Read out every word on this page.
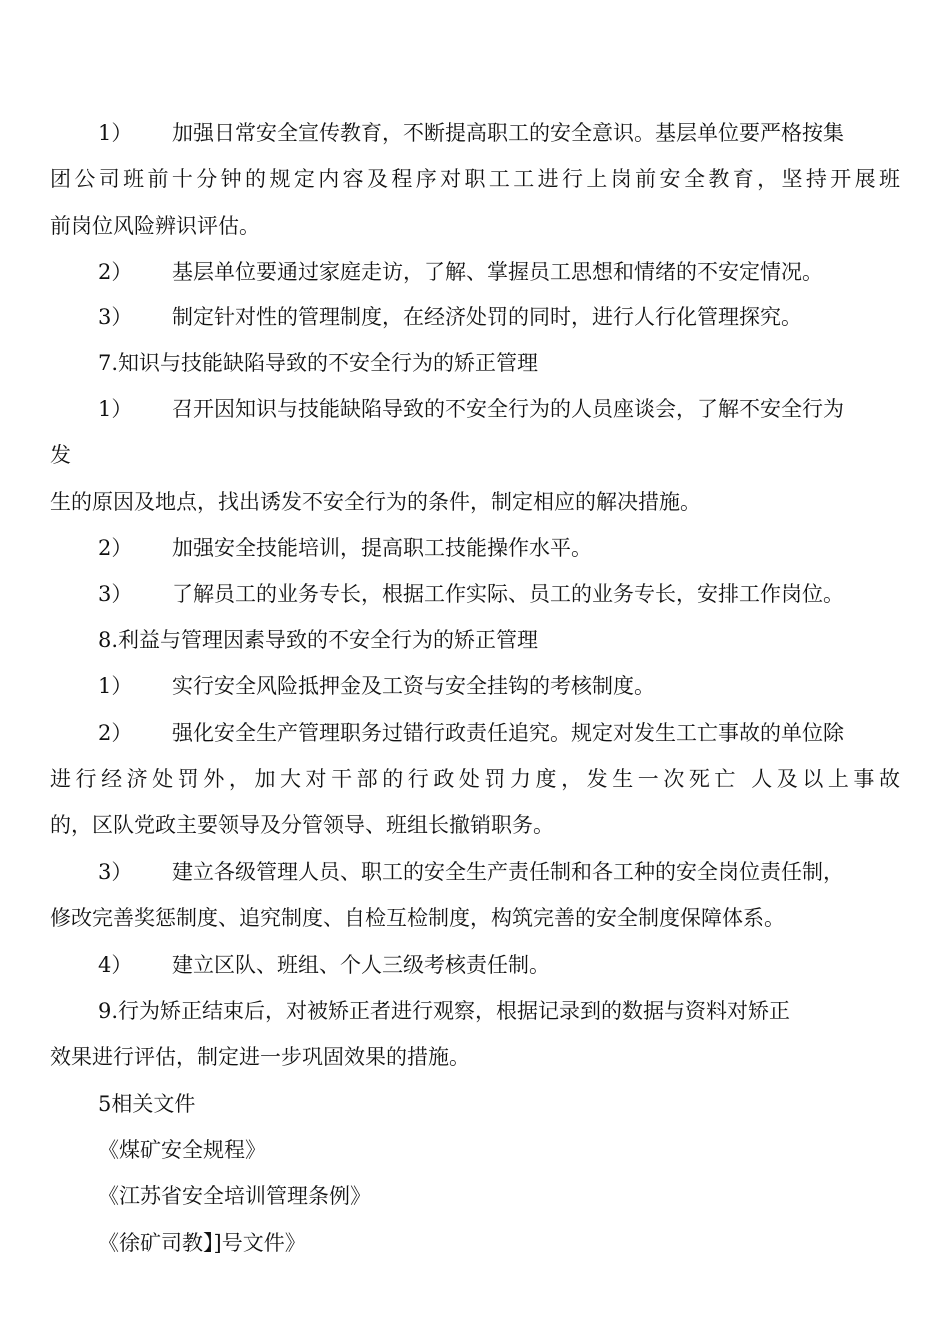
1） 加强日常安全宣传教育，不断提高职工的安全意识。基层单位要严格按集
团公司班前十分钟的规定内容及程序对职工工进行上岗前安全教育，坚持开展班
前岗位风险辨识评估。
2） 基层单位要通过家庭走访，了解、掌握员工思想和情绪的不安定情况。
3） 制定针对性的管理制度，在经济处罚的同时，进行人行化管理探究。
7.知识与技能缺陷导致的不安全行为的矫正管理
1） 召开因知识与技能缺陷导致的不安全行为的人员座谈会，了解不安全行为
发
生的原因及地点，找出诱发不安全行为的条件，制定相应的解决措施。
2） 加强安全技能培训，提高职工技能操作水平。
3） 了解员工的业务专长，根据工作实际、员工的业务专长，安排工作岗位。
8.利益与管理因素导致的不安全行为的矫正管理
1） 实行安全风险抵押金及工资与安全挂钩的考核制度。
2） 强化安全生产管理职务过错行政责任追究。规定对发生工亡事故的单位除
进行经济处罚外，加大对干部的行政处罚力度，发生一次死亡 人及以上事故
的，区队党政主要领导及分管领导、班组长撤销职务。
3） 建立各级管理人员、职工的安全生产责任制和各工种的安全岗位责任制，
修改完善奖惩制度、追究制度、自检互检制度，构筑完善的安全制度保障体系。
4） 建立区队、班组、个人三级考核责任制。
9.行为矫正结束后，对被矫正者进行观察，根据记录到的数据与资料对矫正
效果进行评估，制定进一步巩固效果的措施。
5相关文件
《煤矿安全规程》
《江苏省安全培训管理条例》
《徐矿司教】]号文件》
